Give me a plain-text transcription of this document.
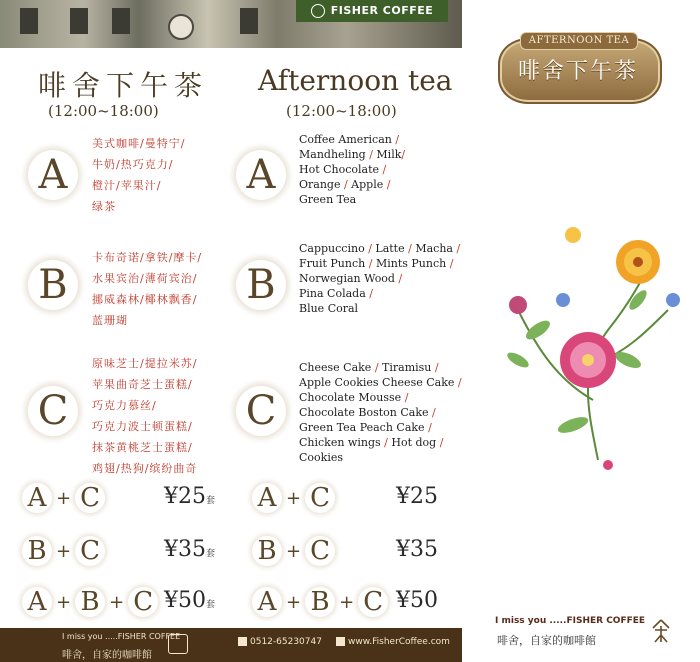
FISHER COFFEE
AFTERNOON TEA
啡舍下午茶
啡舍下午茶
(12:00~18:00)
Afternoon tea
(12:00~18:00)
A
美式咖啡/曼特宁/
牛奶/热巧克力/
橙汁/苹果汁/
绿茶
A
Coffee American /
Mandheling / Milk/
Hot Chocolate /
Orange / Apple /
Green Tea
B
卡布奇诺/拿铁/摩卡/
水果宾治/薄荷宾治/
挪威森林/椰林飘香/
蓝珊瑚
B
Cappuccino / Latte / Macha /
Fruit Punch / Mints Punch /
Norwegian Wood /
Pina Colada /
Blue Coral
C
原味芝士/提拉米苏/
苹果曲奇芝士蛋糕/
巧克力慕丝/
巧克力波士顿蛋糕/
抹茶黄桃芝士蛋糕/
鸡翅/热狗/缤纷曲奇
C
Cheese Cake / Tiramisu /
Apple Cookies Cheese Cake /
Chocolate Mousse /
Chocolate Boston Cake /
Green Tea Peach Cake /
Chicken wings / Hot dog /
Cookies
A + C	¥25套
B + C	¥35套
A + B + C ¥50套
A + C	¥25
B + C	¥35
A + B + C ¥50
I miss you .....FISHER COFFEE
啡舍，自家的咖啡館
I miss you .....FISHER COFFEE
啡舍，自家的咖啡館
0512-65230747	www.FisherCoffee.com
